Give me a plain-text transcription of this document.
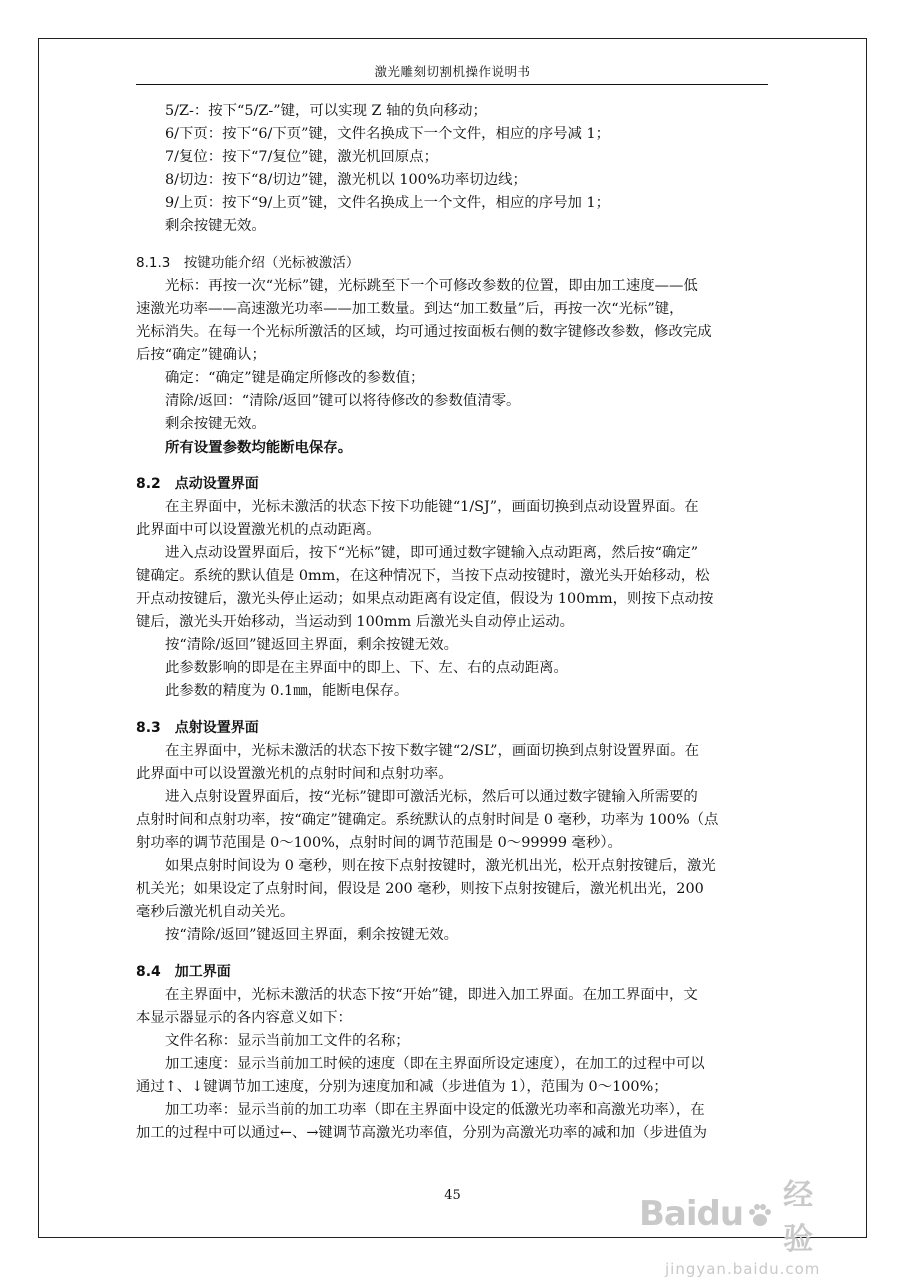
激光雕刻切割机操作说明书
5/Z-：按下“5/Z-”键，可以实现 Z 轴的负向移动；
6/下页：按下“6/下页”键，文件名换成下一个文件，相应的序号减 1；
7/复位：按下“7/复位”键，激光机回原点；
8/切边：按下“8/切边”键，激光机以 100%功率切边线；
9/上页：按下“9/上页”键，文件名换成上一个文件，相应的序号加 1；
剩余按键无效。
8.1.3　按键功能介绍（光标被激活）
光标：再按一次“光标”键，光标跳至下一个可修改参数的位置，即由加工速度——低
速激光功率——高速激光功率——加工数量。到达“加工数量”后，再按一次“光标”键，
光标消失。在每一个光标所激活的区域，均可通过按面板右侧的数字键修改参数，修改完成
后按“确定”键确认；
确定：“确定”键是确定所修改的参数值；
清除/返回：“清除/返回”键可以将待修改的参数值清零。
剩余按键无效。
所有设置参数均能断电保存。
8.2　点动设置界面
在主界面中，光标未激活的状态下按下功能键“1/SJ”，画面切换到点动设置界面。在
此界面中可以设置激光机的点动距离。
进入点动设置界面后，按下“光标”键，即可通过数字键输入点动距离，然后按“确定”
键确定。系统的默认值是 0mm，在这种情况下，当按下点动按键时，激光头开始移动，松
开点动按键后，激光头停止运动；如果点动距离有设定值，假设为 100mm，则按下点动按
键后，激光头开始移动，当运动到 100mm 后激光头自动停止运动。
按“清除/返回”键返回主界面，剩余按键无效。
此参数影响的即是在主界面中的即上、下、左、右的点动距离。
此参数的精度为 0.1㎜，能断电保存。
8.3　点射设置界面
在主界面中，光标未激活的状态下按下数字键“2/SL”，画面切换到点射设置界面。在
此界面中可以设置激光机的点射时间和点射功率。
进入点射设置界面后，按“光标”键即可激活光标，然后可以通过数字键输入所需要的
点射时间和点射功率，按“确定”键确定。系统默认的点射时间是 0 毫秒，功率为 100%（点
射功率的调节范围是 0～100%，点射时间的调节范围是 0～99999 毫秒）。
如果点射时间设为 0 毫秒，则在按下点射按键时，激光机出光，松开点射按键后，激光
机关光；如果设定了点射时间，假设是 200 毫秒，则按下点射按键后，激光机出光，200
毫秒后激光机自动关光。
按“清除/返回”键返回主界面，剩余按键无效。
8.4　加工界面
在主界面中，光标未激活的状态下按“开始”键，即进入加工界面。在加工界面中，文
本显示器显示的各内容意义如下：
文件名称：显示当前加工文件的名称；
加工速度：显示当前加工时候的速度（即在主界面所设定速度），在加工的过程中可以
通过↑、↓键调节加工速度，分别为速度加和减（步进值为 1），范围为 0～100%；
加工功率：显示当前的加工功率（即在主界面中设定的低激光功率和高激光功率），在
加工的过程中可以通过←、→键调节高激光功率值，分别为高激光功率的减和加（步进值为
45	Baidu 经验
jingyan.baidu.com
